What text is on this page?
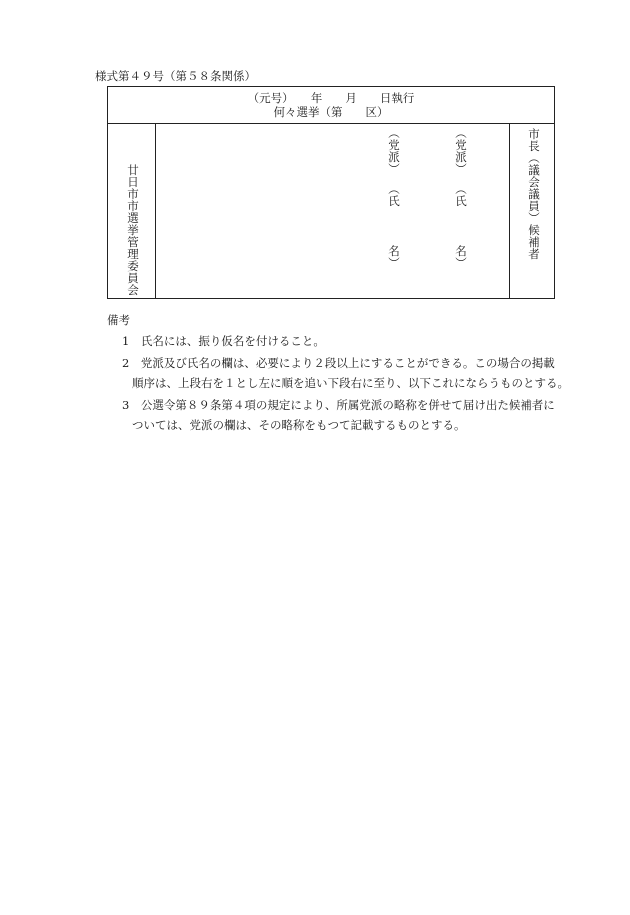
様式第４９号（第５８条関係）
（元号）　　年　　月　　日執行
何々選挙（第　　区）
廿日市市選挙管理委員会
（党派）
（氏
名）
（党派）
（氏
名）	市長（議会議員）候補者
備考
1　氏名には、振り仮名を付けること。
2　党派及び氏名の欄は、必要により２段以上にすることができる。この場合の掲載
順序は、上段右を１とし左に順を追い下段右に至り、以下これにならうものとする。
3　公選令第８９条第４項の規定により、所属党派の略称を併せて届け出た候補者に
ついては、党派の欄は、その略称をもつて記載するものとする。
